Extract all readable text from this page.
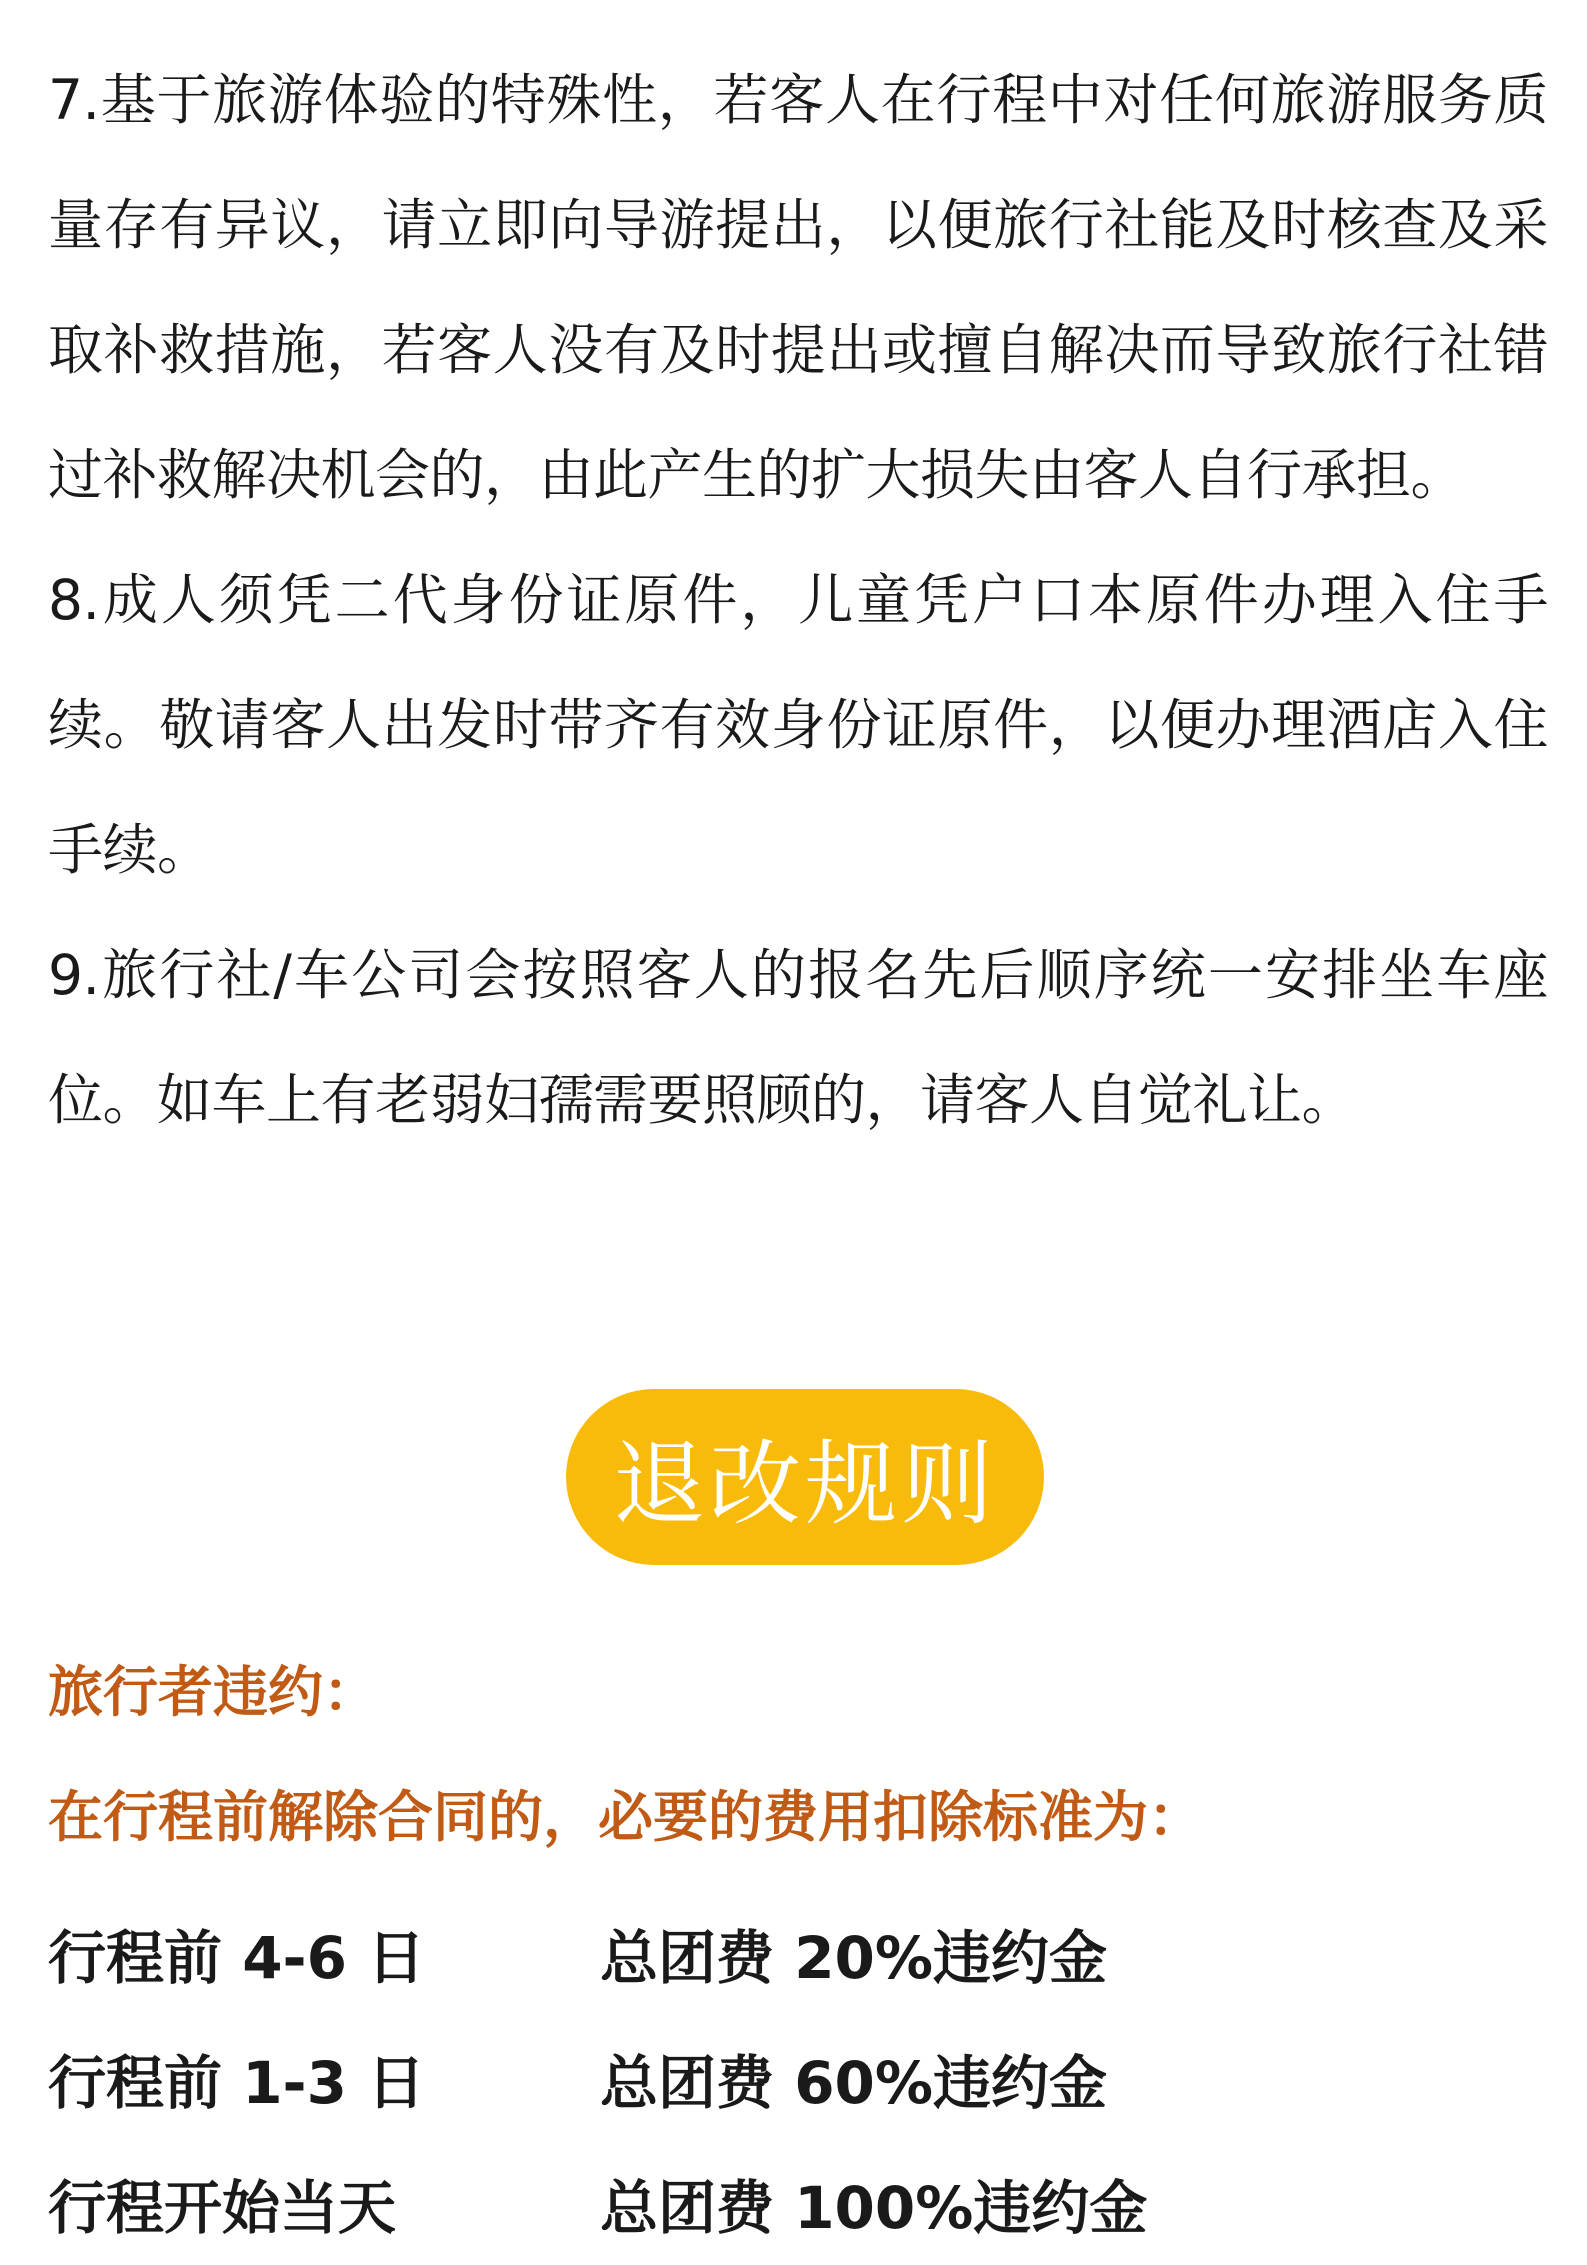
7.基于旅游体验的特殊性，若客人在行程中对任何旅游服务质量存有异议，请立即向导游提出，以便旅行社能及时核查及采取补救措施，若客人没有及时提出或擅自解决而导致旅行社错过补救解决机会的，由此产生的扩大损失由客人自行承担。

8.成人须凭二代身份证原件，儿童凭户口本原件办理入住手续。敬请客人出发时带齐有效身份证原件，以便办理酒店入住手续。

9.旅行社/车公司会按照客人的报名先后顺序统一安排坐车座位。如车上有老弱妇孺需要照顾的，请客人自觉礼让。

退改规则

旅行者违约：

在行程前解除合同的，必要的费用扣除标准为：

行程前 4-6 日	总团费 20%违约金
行程前 1-3 日	总团费 60%违约金
行程开始当天	总团费 100%违约金
